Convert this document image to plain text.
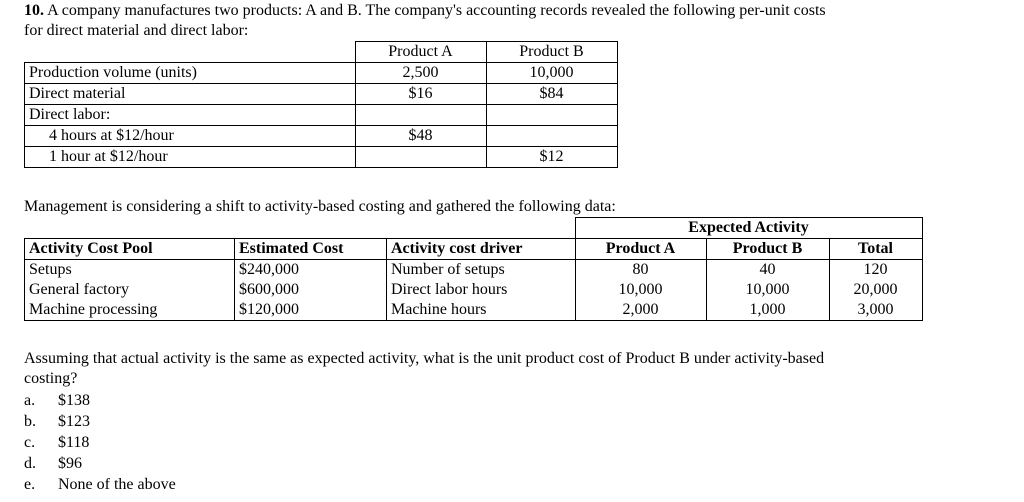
10. A company manufactures two products: A and B. The company's accounting records revealed the following per-unit costs
for direct material and direct labor:
	Product A	Product B
Production volume (units)	2,500	10,000
Direct material	$16	$84
Direct labor:		
4 hours at $12/hour	$48	
1 hour at $12/hour		$12
Management is considering a shift to activity-based costing and gathered the following data:
			Expected Activity		
Activity Cost Pool	Estimated Cost	Activity cost driver	Product A	Product B	Total
Setups	$240,000	Number of setups	80	40	120
General factory	$600,000	Direct labor hours	10,000	10,000	20,000
Machine processing	$120,000	Machine hours	2,000	1,000	3,000
Assuming that actual activity is the same as expected activity, what is the unit product cost of Product B under activity-based
costing?
a. $138
b. $123
c. $118
d. $96
e. None of the above
